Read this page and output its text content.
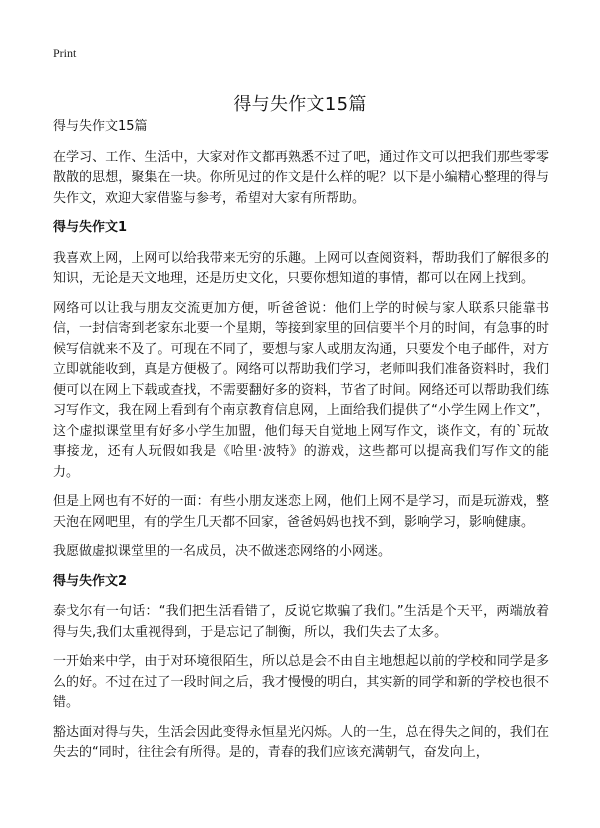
Print
得与失作文15篇

得与失作文15篇

在学习、工作、生活中，大家对作文都再熟悉不过了吧，通过作文可以把我们那些零零散散的思想，聚集在一块。你所见过的作文是什么样的呢？以下是小编精心整理的得与失作文，欢迎大家借鉴与参考，希望对大家有所帮助。

得与失作文1

我喜欢上网，上网可以给我带来无穷的乐趣。上网可以查阅资料，帮助我们了解很多的知识，无论是天文地理，还是历史文化，只要你想知道的事情，都可以在网上找到。

网络可以让我与朋友交流更加方便，听爸爸说：他们上学的时候与家人联系只能靠书信，一封信寄到老家东北要一个星期，等接到家里的回信要半个月的时间，有急事的时候写信就来不及了。可现在不同了，要想与家人或朋友沟通，只要发个电子邮件，对方立即就能收到，真是方便极了。网络可以帮助我们学习，老师叫我们准备资料时，我们便可以在网上下载或查找，不需要翻好多的资料，节省了时间。网络还可以帮助我们练习写作文，我在网上看到有个南京教育信息网，上面给我们提供了“小学生网上作文”，这个虚拟课堂里有好多小学生加盟，他们每天自觉地上网写作文，谈作文，有的`玩故事接龙，还有人玩假如我是《哈里·波特》的游戏，这些都可以提高我们写作文的能力。

但是上网也有不好的一面：有些小朋友迷恋上网，他们上网不是学习，而是玩游戏，整天泡在网吧里，有的学生几天都不回家，爸爸妈妈也找不到，影响学习，影响健康。

我愿做虚拟课堂里的一名成员，决不做迷恋网络的小网迷。

得与失作文2

泰戈尔有一句话：“我们把生活看错了，反说它欺骗了我们。”生活是个天平，两端放着得与失,我们太重视得到，于是忘记了制衡，所以，我们失去了太多。

一开始来中学，由于对环境很陌生，所以总是会不由自主地想起以前的学校和同学是多么的好。不过在过了一段时间之后，我才慢慢的明白，其实新的同学和新的学校也很不错。

豁达面对得与失，生活会因此变得永恒星光闪烁。人的一生，总在得失之间的，我们在失去的“同时，往往会有所得。是的，青春的我们应该充满朝气，奋发向上，
